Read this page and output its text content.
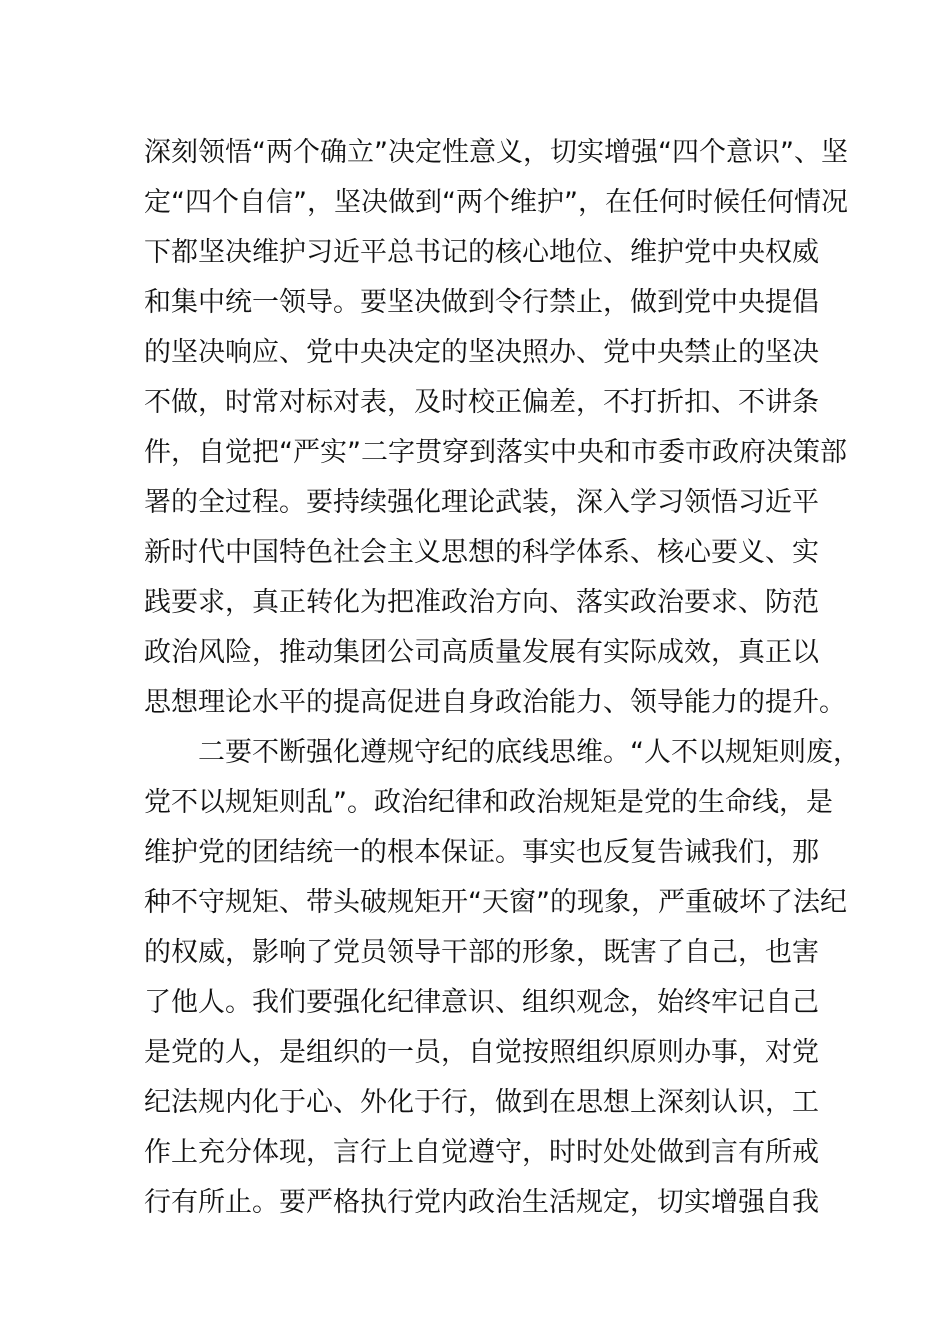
深刻领悟“两个确立”决定性意义，切实增强“四个意识”、坚
定“四个自信”，坚决做到“两个维护”，在任何时候任何情况
下都坚决维护习近平总书记的核心地位、维护党中央权威
和集中统一领导。要坚决做到令行禁止，做到党中央提倡
的坚决响应、党中央决定的坚决照办、党中央禁止的坚决
不做，时常对标对表，及时校正偏差，不打折扣、不讲条
件，自觉把“严实”二字贯穿到落实中央和市委市政府决策部
署的全过程。要持续强化理论武装，深入学习领悟习近平
新时代中国特色社会主义思想的科学体系、核心要义、实
践要求，真正转化为把准政治方向、落实政治要求、防范
政治风险，推动集团公司高质量发展有实际成效，真正以
思想理论水平的提高促进自身政治能力、领导能力的提升。
　　二要不断强化遵规守纪的底线思维。“人不以规矩则废，
党不以规矩则乱”。政治纪律和政治规矩是党的生命线，是
维护党的团结统一的根本保证。事实也反复告诫我们，那
种不守规矩、带头破规矩开“天窗”的现象，严重破坏了法纪
的权威，影响了党员领导干部的形象，既害了自己，也害
了他人。我们要强化纪律意识、组织观念，始终牢记自己
是党的人，是组织的一员，自觉按照组织原则办事，对党
纪法规内化于心、外化于行，做到在思想上深刻认识，工
作上充分体现，言行上自觉遵守，时时处处做到言有所戒
行有所止。要严格执行党内政治生活规定，切实增强自我
